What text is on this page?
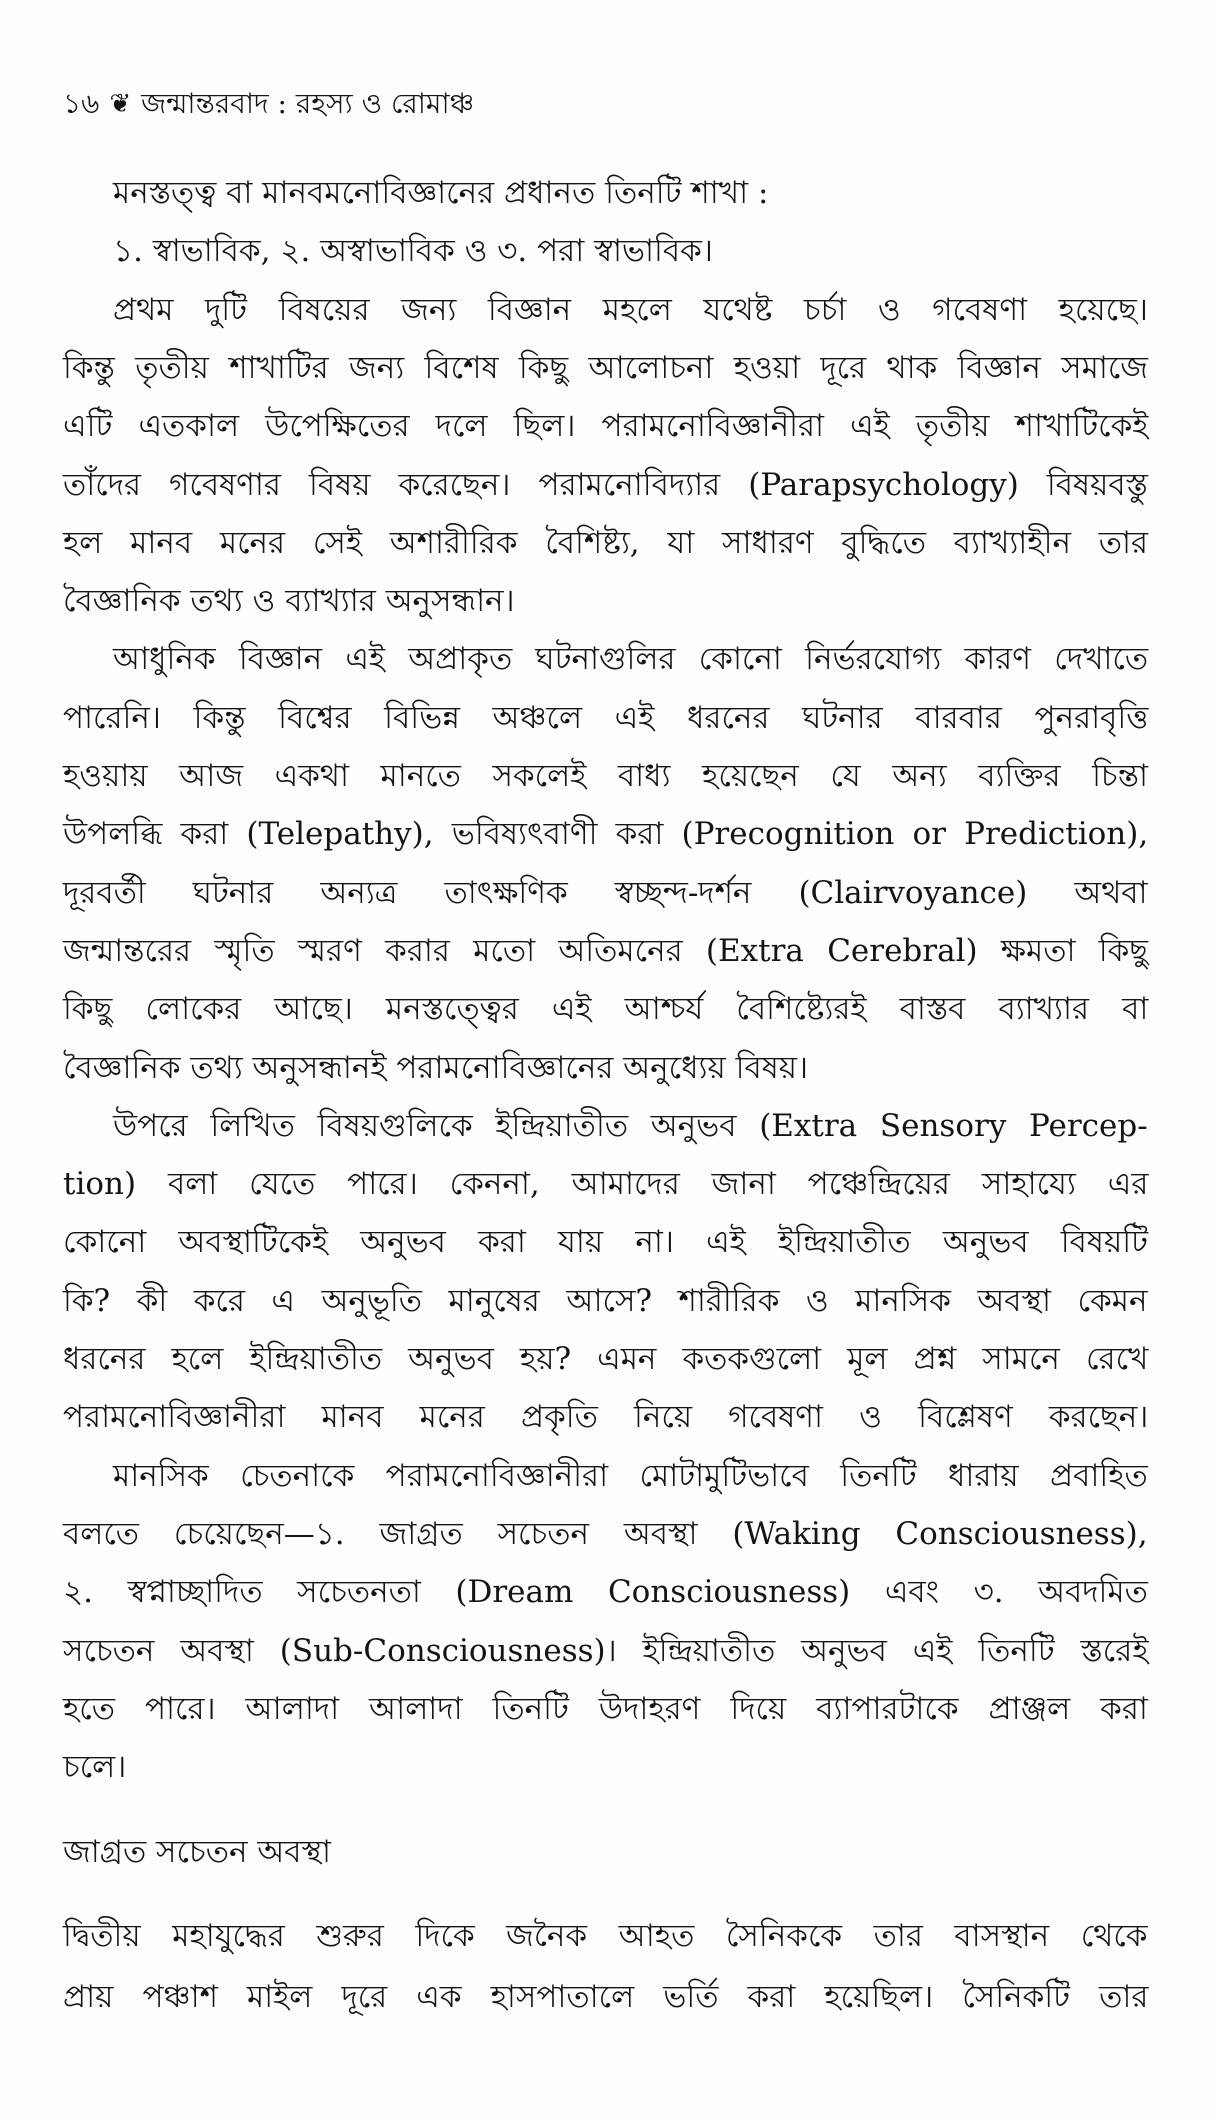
১৬ ❦ জন্মান্তরবাদ : রহস্য ও রোমাঞ্চ
মনস্তত্ত্ব বা মানবমনোবিজ্ঞানের প্রধানত তিনটি শাখা :
১. স্বাভাবিক, ২. অস্বাভাবিক ও ৩. পরা স্বাভাবিক।
প্রথম দুটি বিষয়ের জন্য বিজ্ঞান মহলে যথেষ্ট চর্চা ও গবেষণা হয়েছে।
কিন্তু তৃতীয় শাখাটির জন্য বিশেষ কিছু আলোচনা হওয়া দূরে থাক বিজ্ঞান সমাজে
এটি এতকাল উপেক্ষিতের দলে ছিল। পরামনোবিজ্ঞানীরা এই তৃতীয় শাখাটিকেই
তাঁদের গবেষণার বিষয় করেছেন। পরামনোবিদ্যার (Parapsychology) বিষয়বস্তু
হল মানব মনের সেই অশারীরিক বৈশিষ্ট্য, যা সাধারণ বুদ্ধিতে ব্যাখ্যাহীন তার
বৈজ্ঞানিক তথ্য ও ব্যাখ্যার অনুসন্ধান।
আধুনিক বিজ্ঞান এই অপ্রাকৃত ঘটনাগুলির কোনো নির্ভরযোগ্য কারণ দেখাতে
পারেনি। কিন্তু বিশ্বের বিভিন্ন অঞ্চলে এই ধরনের ঘটনার বারবার পুনরাবৃত্তি
হওয়ায় আজ একথা মানতে সকলেই বাধ্য হয়েছেন যে অন্য ব্যক্তির চিন্তা
উপলব্ধি করা (Telepathy), ভবিষ্যৎবাণী করা (Precognition or Prediction),
দূরবর্তী ঘটনার অন্যত্র তাৎক্ষণিক স্বচ্ছন্দ-দর্শন (Clairvoyance) অথবা
জন্মান্তরের স্মৃতি স্মরণ করার মতো অতিমনের (Extra Cerebral) ক্ষমতা কিছু
কিছু লোকের আছে। মনস্তত্ত্বের এই আশ্চর্য বৈশিষ্ট্যেরই বাস্তব ব্যাখ্যার বা
বৈজ্ঞানিক তথ্য অনুসন্ধানই পরামনোবিজ্ঞানের অনুধ্যেয় বিষয়।
উপরে লিখিত বিষয়গুলিকে ইন্দ্রিয়াতীত অনুভব (Extra Sensory Percep-
tion) বলা যেতে পারে। কেননা, আমাদের জানা পঞ্চেন্দ্রিয়ের সাহায্যে এর
কোনো অবস্থাটিকেই অনুভব করা যায় না। এই ইন্দ্রিয়াতীত অনুভব বিষয়টি
কি? কী করে এ অনুভূতি মানুষের আসে? শারীরিক ও মানসিক অবস্থা কেমন
ধরনের হলে ইন্দ্রিয়াতীত অনুভব হয়? এমন কতকগুলো মূল প্রশ্ন সামনে রেখে
পরামনোবিজ্ঞানীরা মানব মনের প্রকৃতি নিয়ে গবেষণা ও বিশ্লেষণ করছেন।
মানসিক চেতনাকে পরামনোবিজ্ঞানীরা মোটামুটিভাবে তিনটি ধারায় প্রবাহিত
বলতে চেয়েছেন—১. জাগ্রত সচেতন অবস্থা (Waking Consciousness),
২. স্বপ্নাচ্ছাদিত সচেতনতা (Dream Consciousness) এবং ৩. অবদমিত
সচেতন অবস্থা (Sub-Consciousness)। ইন্দ্রিয়াতীত অনুভব এই তিনটি স্তরেই
হতে পারে। আলাদা আলাদা তিনটি উদাহরণ দিয়ে ব্যাপারটাকে প্রাঞ্জল করা
চলে।
দ্বিতীয় মহাযুদ্ধের শুরুর দিকে জনৈক আহত সৈনিককে তার বাসস্থান থেকে
প্রায় পঞ্চাশ মাইল দূরে এক হাসপাতালে ভর্তি করা হয়েছিল। সৈনিকটি তার
জাগ্রত সচেতন অবস্থা
